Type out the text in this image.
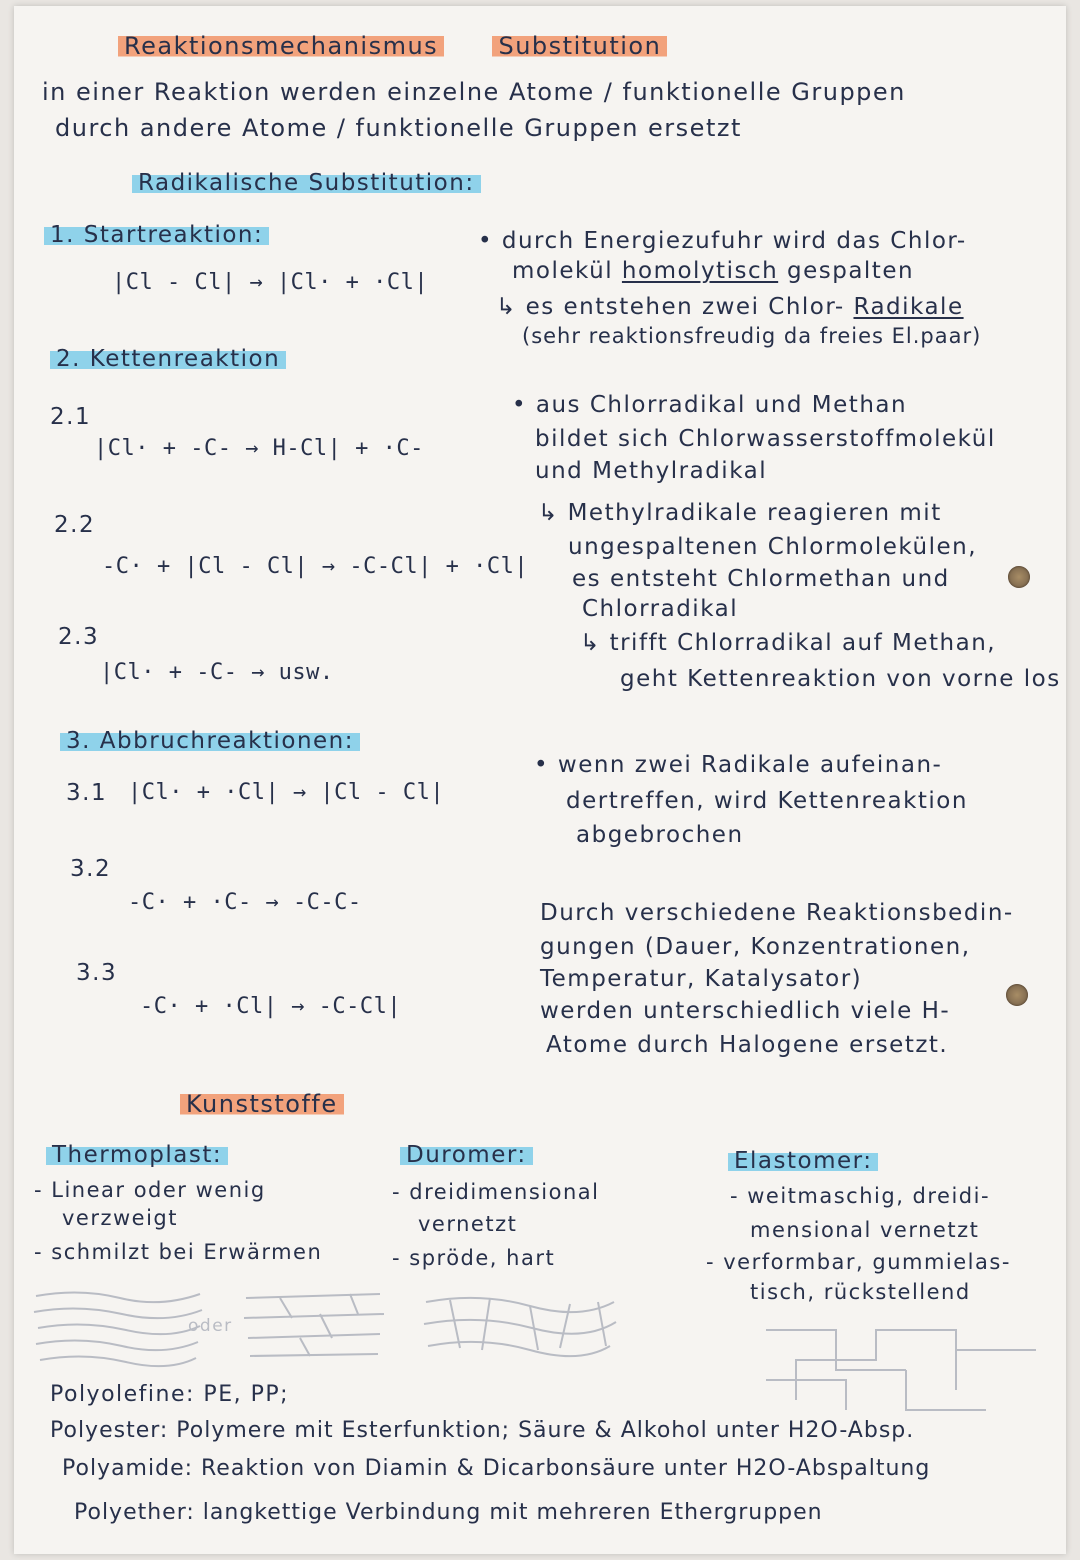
Reaktionsmechanismus	Substitution
in einer Reaktion werden einzelne Atome / funktionelle Gruppen
durch andere Atome / funktionelle Gruppen ersetzt
Radikalische Substitution:
1. Startreaktion:
|Cl - Cl| → |Cl· + ·Cl|
• durch Energiezufuhr wird das Chlor-
molekül homolytisch gespalten
↳ es entstehen zwei Chlor- Radikale
(sehr reaktionsfreudig da freies El.paar)
2. Kettenreaktion
2.1
|Cl· + -C- → H-Cl| + ·C-
• aus Chlorradikal und Methan
bildet sich Chlorwasserstoffmolekül
und Methylradikal
↳ Methylradikale reagieren mit
ungespaltenen Chlormolekülen,
es entsteht Chlormethan und
Chlorradikal
↳ trifft Chlorradikal auf Methan,
geht Kettenreaktion von vorne los
2.2
-C· + |Cl - Cl| → -C-Cl| + ·Cl|
2.3
|Cl· + -C- → usw.
3. Abbruchreaktionen:
3.1 |Cl· + ·Cl| → |Cl - Cl|
• wenn zwei Radikale aufeinan-
dertreffen, wird Kettenreaktion
abgebrochen
3.2
-C· + ·C- → -C-C-
3.3
-C· + ·Cl| → -C-Cl|
Durch verschiedene Reaktionsbedin-
gungen (Dauer, Konzentrationen,
Temperatur, Katalysator)
werden unterschiedlich viele H-
Atome durch Halogene ersetzt.
Kunststoffe
Thermoplast:
- Linear oder wenig
verzweigt
- schmilzt bei Erwärmen
Duromer:
- dreidimensional
vernetzt
- spröde, hart
Elastomer:
- weitmaschig, dreidi-
mensional vernetzt
- verformbar, gummielas-
tisch, rückstellend
oder
Polyolefine: PE, PP;
Polyester: Polymere mit Esterfunktion; Säure & Alkohol unter H2O-Absp.
Polyamide: Reaktion von Diamin & Dicarbonsäure unter H2O-Abspaltung
Polyether: langkettige Verbindung mit mehreren Ethergruppen
